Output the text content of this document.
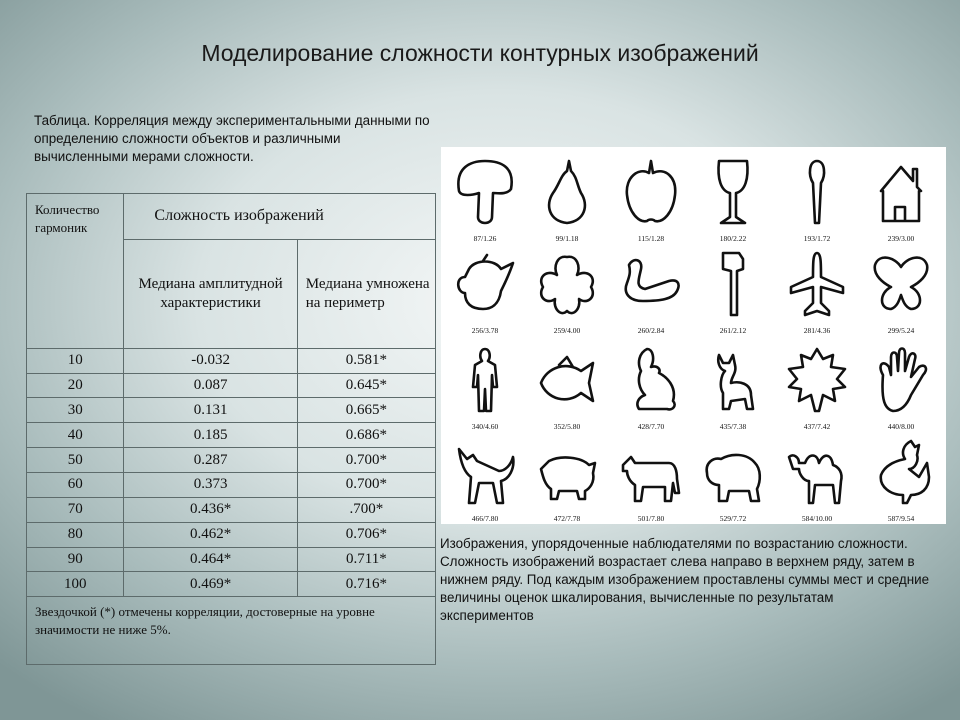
Моделирование сложности контурных изображений
Таблица. Корреляция между экспериментальными данными по определению сложности объектов и различными вычисленными мерами сложности.
Количество гармоник	Сложность изображений	
	Медиана амплитудной характеристики	Медиана умножена на периметр
10	-0.032	0.581*
20	0.087	0.645*
30	0.131	0.665*
40	0.185	0.686*
50	0.287	0.700*
60	0.373	0.700*
70	0.436*	.700*
80	0.462*	0.706*
90	0.464*	0.711*
100	0.469*	0.716*
Звездочкой (*) отмечены корреляции, достоверные на уровне значимости не ниже 5%.		
87/1.26	99/1.18	115/1.28	180/2.22	193/1.72	239/3.00
256/3.78	259/4.00	260/2.84	261/2.12	281/4.36	299/5.24
340/4.60	352/5.80	428/7.70	435/7.38	437/7.42	440/8.00
466/7.80	472/7.78	501/7.80	529/7.72	584/10.00	587/9.54
Изображения, упорядоченные наблюдателями по возрастанию сложности.
Сложность изображений возрастает слева направо в верхнем ряду, затем в нижнем ряду. Под каждым изображением проставлены суммы мест и средние величины оценок шкалирования, вычисленные по результатам экспериментов
